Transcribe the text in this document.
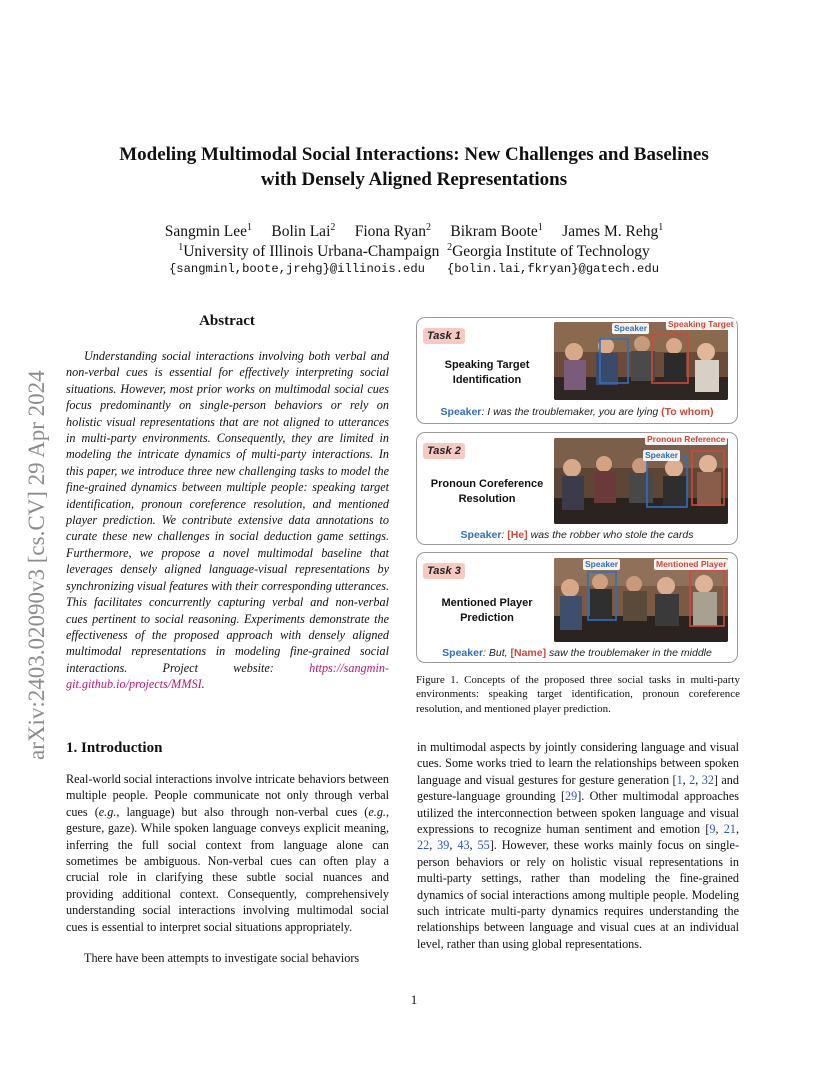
arXiv:2403.02090v3 [cs.CV] 29 Apr 2024
Modeling Multimodal Social Interactions: New Challenges and Baselines
with Densely Aligned Representations
Sangmin Lee$^1$ Bolin Lai$^2$ Fiona Ryan$^2$ Bikram Boote$^1$ James M. Rehg$^1$
$^1$University of Illinois Urbana-Champaign $^2$Georgia Institute of Technology
{sangminl,boote,jrehg}@illinois.edu   {bolin.lai,fkryan}@gatech.edu
Abstract
Understanding social interactions involving both verbal and non-verbal cues is essential for effectively interpreting social situations. However, most prior works on multimodal social cues focus predominantly on single-person behaviors or rely on holistic visual representations that are not aligned to utterances in multi-party environments. Consequently, they are limited in modeling the intricate dynamics of multi-party interactions. In this paper, we introduce three new challenging tasks to model the fine-grained dynamics between multiple people: speaking target identification, pronoun coreference resolution, and mentioned player prediction. We contribute extensive data annotations to curate these new challenges in social deduction game settings. Furthermore, we propose a novel multimodal baseline that leverages densely aligned language-visual representations by synchronizing visual features with their corresponding utterances. This facilitates concurrently capturing verbal and non-verbal cues pertinent to social reasoning. Experiments demonstrate the effectiveness of the proposed approach with densely aligned multimodal representations in modeling fine-grained social interactions. Project website: https://sangmin-git.github.io/projects/MMSI.
Task 1
Speaking Target
Identification
Speaker Speaking Target
Speaker: I was the troublemaker, you are lying (To whom)
Task 2
Pronoun Coreference
Resolution
Pronoun Reference
Speaker
Speaker: [He] was the robber who stole the cards
Task 3
Mentioned Player
Prediction
Speaker	Mentioned Player
Speaker: But, [Name] saw the troublemaker in the middle
Figure 1. Concepts of the proposed three social tasks in multi-party environments: speaking target identification, pronoun coreference resolution, and mentioned player prediction.
1. Introduction
Real-world social interactions involve intricate behaviors between multiple people. People communicate not only through verbal cues (e.g., language) but also through non-verbal cues (e.g., gesture, gaze). While spoken language conveys explicit meaning, inferring the full social context from language alone can sometimes be ambiguous. Non-verbal cues can often play a crucial role in clarifying these subtle social nuances and providing additional context. Consequently, comprehensively understanding social interactions involving multimodal social cues is essential to interpret social situations appropriately.
There have been attempts to investigate social behaviors
in multimodal aspects by jointly considering language and visual cues. Some works tried to learn the relationships between spoken language and visual gestures for gesture generation [1, 2, 32] and gesture-language grounding [29]. Other multimodal approaches utilized the interconnection between spoken language and visual expressions to recognize human sentiment and emotion [9, 21, 22, 39, 43, 55]. However, these works mainly focus on single-person behaviors or rely on holistic visual representations in multi-party settings, rather than modeling the fine-grained dynamics of social interactions among multiple people. Modeling such intricate multi-party dynamics requires understanding the relationships between language and visual cues at an individual level, rather than using global representations.
1
